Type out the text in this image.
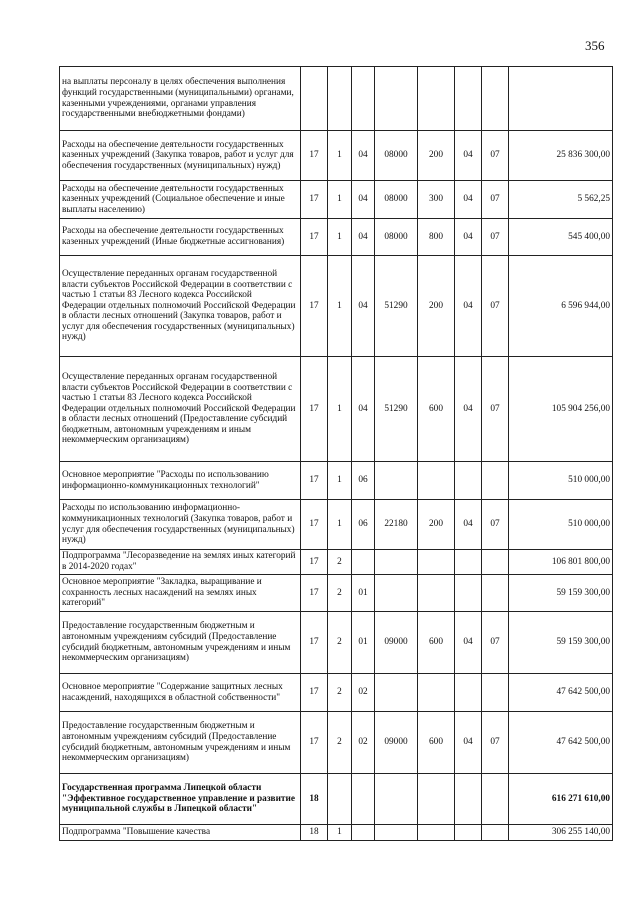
356
на выплаты персоналу в целях обеспечения выполнения функций государственными (муниципальными) органами, казенными учреждениями, органами управления государственными внебюджетными фондами)								
Расходы на обеспечение деятельности государственных казенных учреждений (Закупка товаров, работ и услуг для обеспечения государственных (муниципальных) нужд)	17	1	04	08000	200	04	07	25 836 300,00
Расходы на обеспечение деятельности государственных казенных учреждений (Социальное обеспечение и иные выплаты населению)	17	1	04	08000	300	04	07	5 562,25
Расходы на обеспечение деятельности государственных казенных учреждений (Иные бюджетные ассигнования)	17	1	04	08000	800	04	07	545 400,00
Осуществление переданных органам государственной власти субъектов Российской Федерации в соответствии с частью 1 статьи 83 Лесного кодекса Российской Федерации отдельных полномочий Российской Федерации в области лесных отношений (Закупка товаров, работ и услуг для обеспечения государственных (муниципальных) нужд)	17	1	04	51290	200	04	07	6 596 944,00
Осуществление переданных органам государственной власти субъектов Российской Федерации в соответствии с частью 1 статьи 83 Лесного кодекса Российской Федерации отдельных полномочий Российской Федерации в области лесных отношений (Предоставление субсидий бюджетным, автономным учреждениям и иным некоммерческим организациям)	17	1	04	51290	600	04	07	105 904 256,00
Основное мероприятие "Расходы по использованию информационно-коммуникационных технологий"	17	1	06					510 000,00
Расходы по использованию информационно-коммуникационных технологий (Закупка товаров, работ и услуг для обеспечения государственных (муниципальных) нужд)	17	1	06	22180	200	04	07	510 000,00
Подпрограмма "Лесоразведение на землях иных категорий в 2014-2020 годах"	17	2						106 801 800,00
Основное мероприятие "Закладка, выращивание и сохранность лесных насаждений на землях иных категорий"	17	2	01					59 159 300,00
Предоставление государственным бюджетным и автономным учреждениям субсидий (Предоставление субсидий бюджетным, автономным учреждениям и иным некоммерческим организациям)	17	2	01	09000	600	04	07	59 159 300,00
Основное мероприятие "Содержание защитных лесных насаждений, находящихся в областной собственности"	17	2	02					47 642 500,00
Предоставление государственным бюджетным и автономным учреждениям субсидий (Предоставление субсидий бюджетным, автономным учреждениям и иным некоммерческим организациям)	17	2	02	09000	600	04	07	47 642 500,00
Государственная программа Липецкой области "Эффективное государственное управление и развитие муниципальной службы в Липецкой области"	18							616 271 610,00
Подпрограмма "Повышение качества	18	1						306 255 140,00
